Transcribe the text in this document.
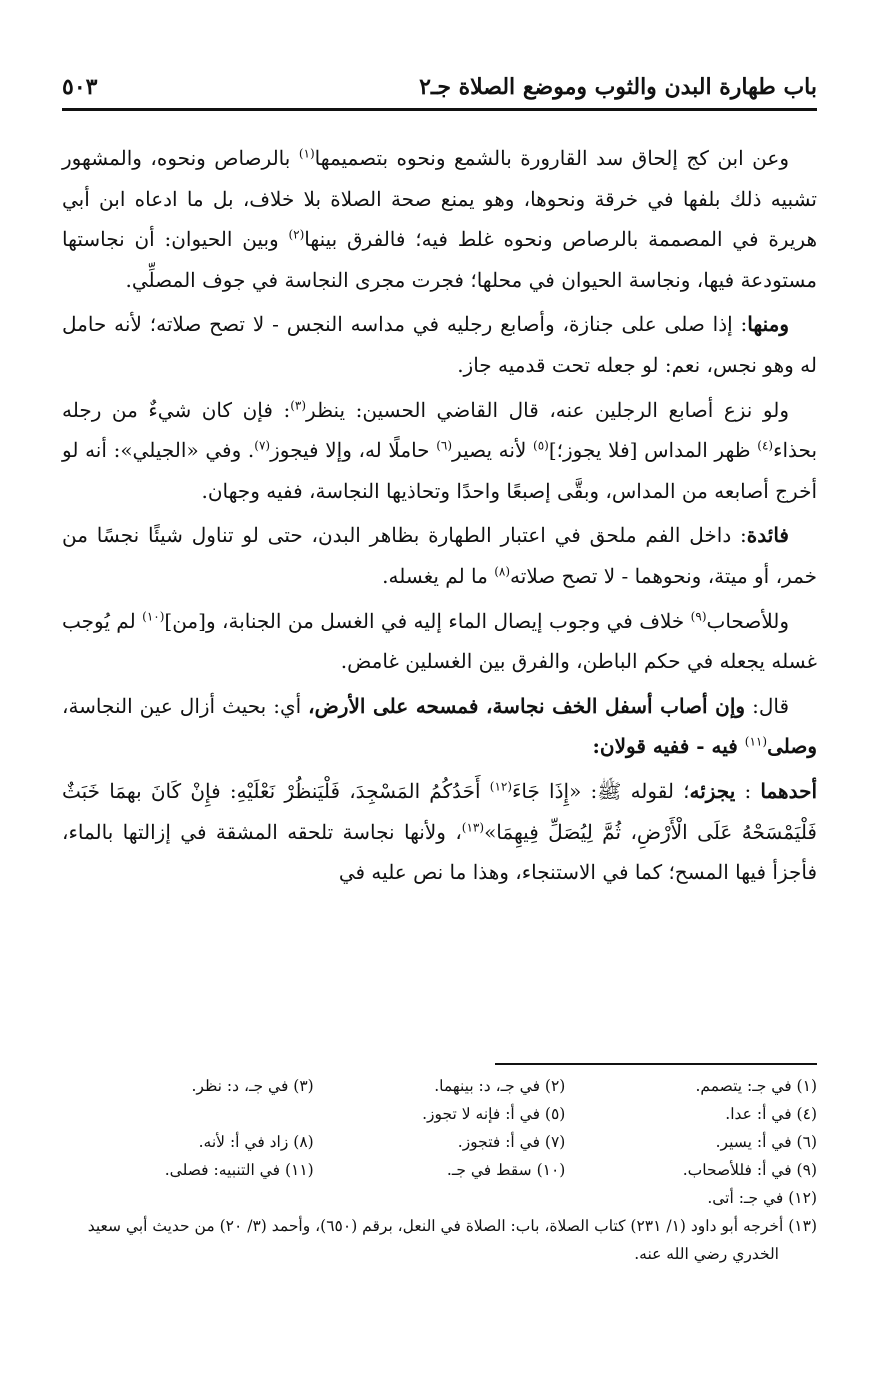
باب طهارة البدن والثوب وموضع الصلاة جـ٢
٥٠٣

وعن ابن كج إلحاق سد القارورة بالشمع ونحوه بتصميمها$^{(١)}$ بالرصاص ونحوه، والمشهور تشبيه ذلك بلفها في خرقة ونحوها، وهو يمنع صحة الصلاة بلا خلاف، بل ما ادعاه ابن أبي هريرة في المصممة بالرصاص ونحوه غلط فيه؛ فالفرق بينها$^{(٢)}$ وبين الحيوان: أن نجاستها مستودعة فيها، ونجاسة الحيوان في محلها؛ فجرت مجرى النجاسة في جوف المصلِّي.

ومنها: إذا صلى على جنازة، وأصابع رجليه في مداسه النجس - لا تصح صلاته؛ لأنه حامل له وهو نجس، نعم: لو جعله تحت قدميه جاز.

ولو نزع أصابع الرجلين عنه، قال القاضي الحسين: ينظر$^{(٣)}$: فإن كان شيءٌ من رجله بحذاء$^{(٤)}$ ظهر المداس [فلا يجوز؛]$^{(٥)}$ لأنه يصير$^{(٦)}$ حاملًا له، وإلا فيجوز$^{(٧)}$. وفي «الجيلي»: أنه لو أخرج أصابعه من المداس، وبقَّى إصبعًا واحدًا وتحاذيها النجاسة، ففيه وجهان.

فائدة: داخل الفم ملحق في اعتبار الطهارة بظاهر البدن، حتى لو تناول شيئًا نجسًا من خمر، أو ميتة، ونحوهما - لا تصح صلاته$^{(٨)}$ ما لم يغسله.

وللأصحاب$^{(٩)}$ خلاف في وجوب إيصال الماء إليه في الغسل من الجنابة، و[من]$^{(١٠)}$ لم يُوجب غسله يجعله في حكم الباطن، والفرق بين الغسلين غامض.

قال: وإن أصاب أسفل الخف نجاسة، فمسحه على الأرض، أي: بحيث أزال عين النجاسة، وصلى$^{(١١)}$ فيه - ففيه قولان:

أحدهما : يجزئه؛ لقوله ﷺ: «إِذَا جَاءَ$^{(١٢)}$ أَحَدُكُمُ المَسْجِدَ، فَلْيَنظُرْ نَعْلَيْهِ: فإِنْ كَانَ بهمَا خَبَثٌ فَلْيَمْسَحْهُ عَلَى الْأَرْضِ، ثُمَّ لِيُصَلِّ فِيهِمَا»$^{(١٣)}$، ولأنها نجاسة تلحقه المشقة في إزالتها بالماء، فأجزأ فيها المسح؛ كما في الاستنجاء، وهذا ما نص عليه في

(١) في جـ: يتصمم.
(٢) في جـ، د: بينهما.
(٣) في جـ، د: نظر.
(٤) في أ: عدا.
(٥) في أ: فإنه لا تجوز.
(٦) في أ: يسير.
(٧) في أ: فتجوز.
(٨) زاد في أ: لأنه.
(٩) في أ: فللأصحاب.
(١٠) سقط في جـ.
(١١) في التنبيه: فصلى.
(١٢) في جـ: أتى.
(١٣) أخرجه أبو داود (١/ ٢٣١) كتاب الصلاة، باب: الصلاة في النعل، برقم (٦٥٠)، وأحمد (٣/ ٢٠) من حديث أبي سعيد الخدري رضي الله عنه.
